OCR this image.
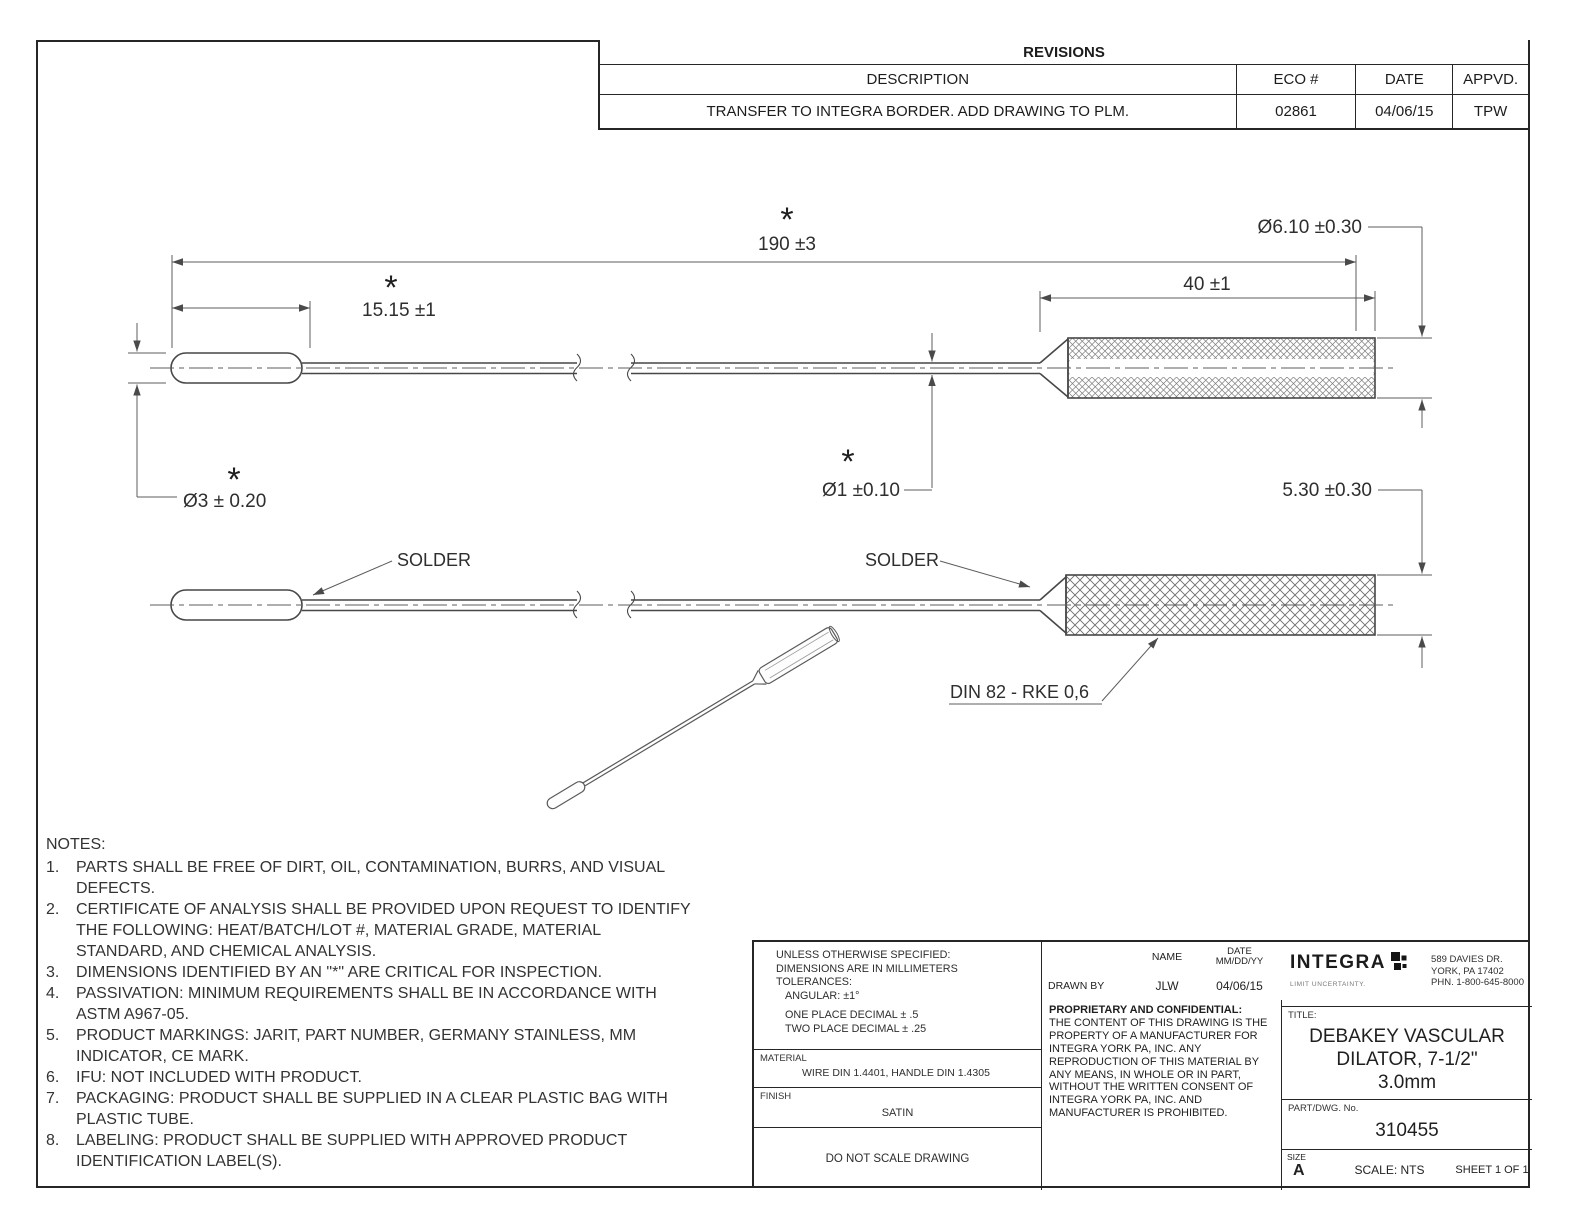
*
190 ±3
*
15.15 ±1
40 ±1
Ø6.10 ±0.30
*
Ø3 ± 0.20
*
Ø1 ±0.10	5.30 ±0.30
SOLDER	SOLDER
DIN 82 - RKE 0,6
REVISIONS
DESCRIPTION	ECO #	DATE	APPVD.
TRANSFER TO INTEGRA BORDER. ADD DRAWING TO PLM.	02861	04/06/15	TPW
NOTES:
1.	PARTS SHALL BE FREE OF DIRT, OIL, CONTAMINATION, BURRS, AND VISUAL DEFECTS.
2.	CERTIFICATE OF ANALYSIS SHALL BE PROVIDED UPON REQUEST TO IDENTIFY THE FOLLOWING: HEAT/BATCH/LOT #, MATERIAL GRADE, MATERIAL STANDARD, AND CHEMICAL ANALYSIS.
3.	DIMENSIONS IDENTIFIED BY AN "*" ARE CRITICAL FOR INSPECTION.
4.	PASSIVATION: MINIMUM REQUIREMENTS SHALL BE IN ACCORDANCE WITH ASTM A967-05.
5.	PRODUCT MARKINGS: JARIT, PART NUMBER, GERMANY STAINLESS, MM INDICATOR, CE MARK.
6.	IFU: NOT INCLUDED WITH PRODUCT.
7.	PACKAGING: PRODUCT SHALL BE SUPPLIED IN A CLEAR PLASTIC BAG WITH PLASTIC TUBE.
8.	LABELING: PRODUCT SHALL BE SUPPLIED WITH APPROVED PRODUCT IDENTIFICATION LABEL(S).
UNLESS OTHERWISE SPECIFIED:
DIMENSIONS ARE IN MILLIMETERS
TOLERANCES:
ANGULAR: ±1°
ONE PLACE DECIMAL ± .5
TWO PLACE DECIMAL ± .25
MATERIAL
WIRE DIN 1.4401, HANDLE DIN 1.4305
FINISH
SATIN
DO NOT SCALE DRAWING
NAME	DATE
MM/DD/YY
DRAWN BY	JLW	04/06/15
PROPRIETARY AND CONFIDENTIAL:
THE CONTENT OF THIS DRAWING IS THE PROPERTY OF A MANUFACTURER FOR INTEGRA YORK PA, INC. ANY REPRODUCTION OF THIS MATERIAL BY ANY MEANS, IN WHOLE OR IN PART, WITHOUT THE WRITTEN CONSENT OF INTEGRA YORK PA, INC. AND MANUFACTURER IS PROHIBITED.
INTEGRA
LIMIT UNCERTAINTY.
589 DAVIES DR.
YORK, PA 17402
PHN. 1-800-645-8000
TITLE:
DEBAKEY VASCULAR
DILATOR, 7-1/2"
3.0mm
PART/DWG. No.
310455
SIZE
A	SCALE: NTS	SHEET 1 OF 1
